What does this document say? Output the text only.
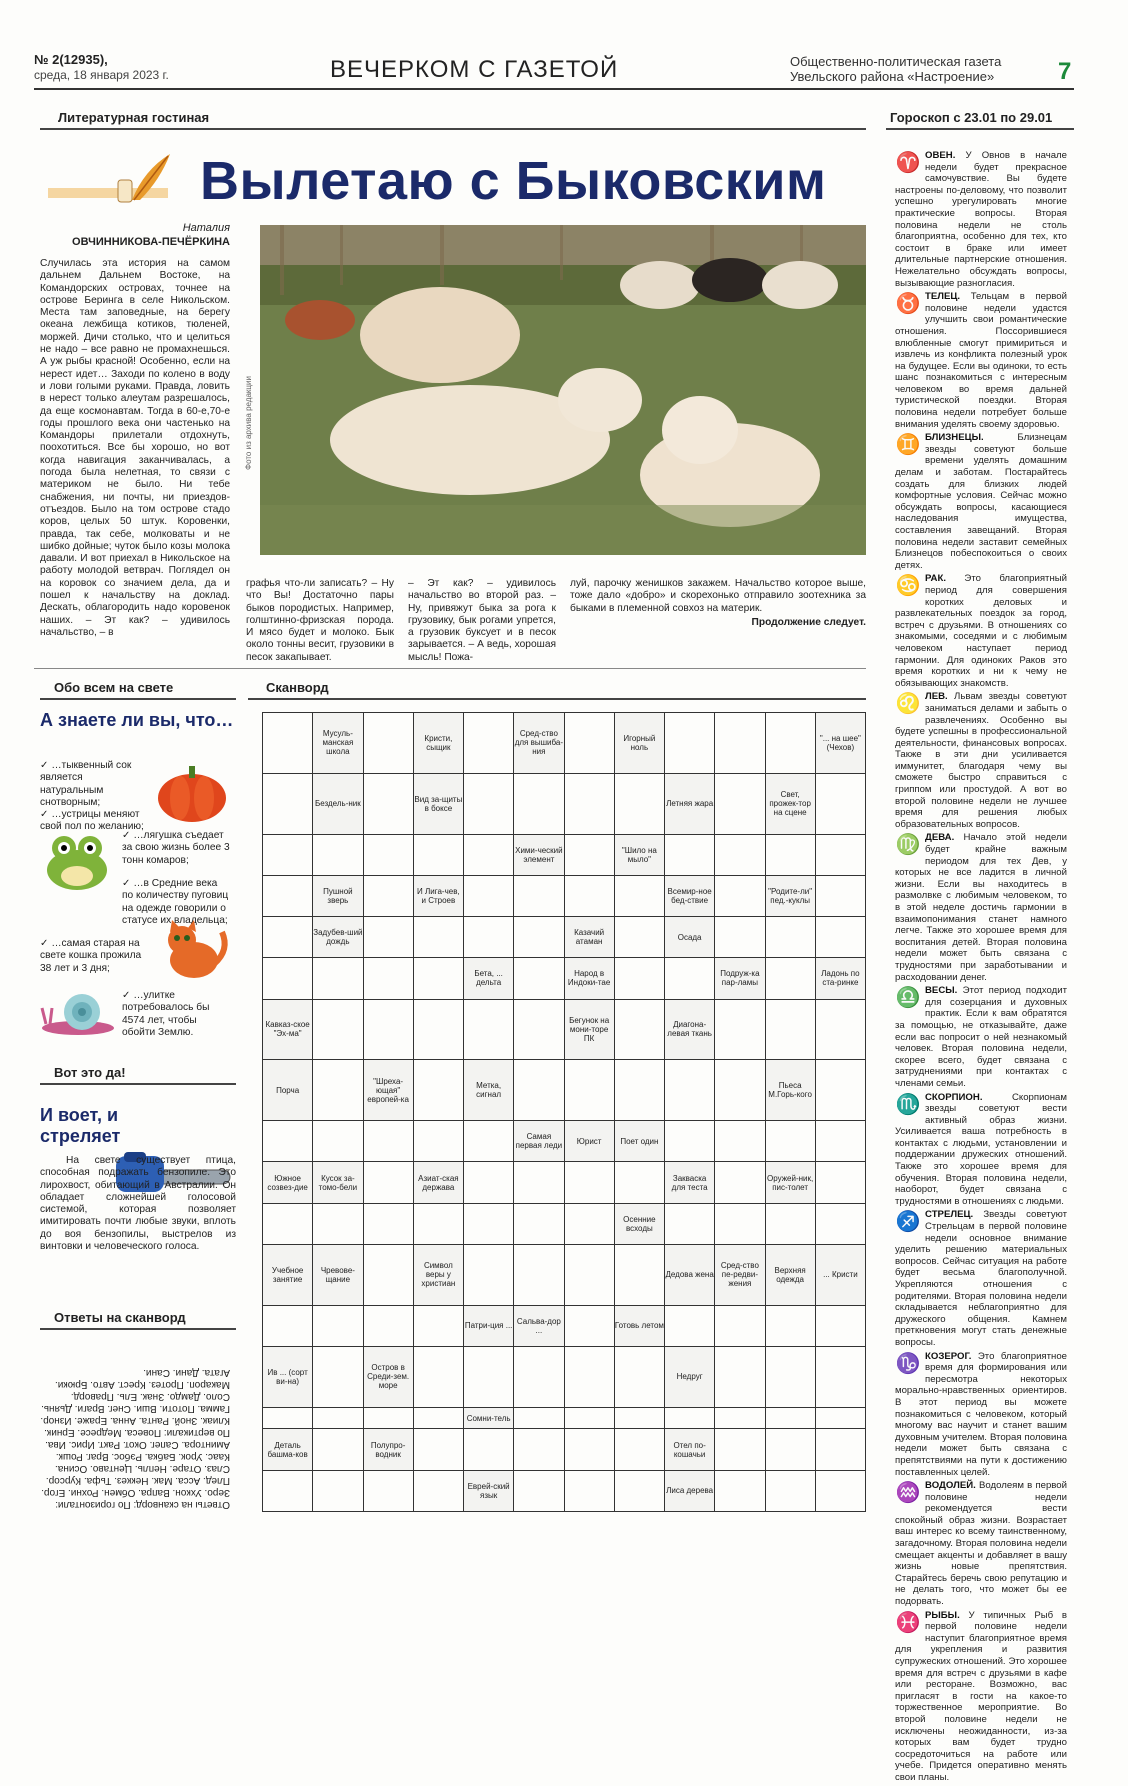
№ 2(12935),
среда, 18 января 2023 г.	ВЕЧЕРКОМ С ГАЗЕТОЙ	Общественно-политическая газета
Увельского района «Настроение»	7
Литературная гостиная
Вылетаю с Быковским
Наталия
ОВЧИННИКОВА-ПЕЧЁРКИНА
Случилась эта история на самом дальнем Дальнем Востоке, на Командорских островах, точнее на острове Беринга в селе Никольском. Места там заповедные, на берегу океана лежбища котиков, тюленей, моржей. Дичи столько, что и целиться не надо – все равно не промахнешься. А уж рыбы красной! Особенно, если на нерест идет… Заходи по колено в воду и лови голыми руками. Правда, ловить в нерест только алеутам разрешалось, да еще космонавтам. Тогда в 60-е,70-е годы прошлого века они частенько на Командоры прилетали отдохнуть, поохотиться. Все бы хорошо, но вот когда навигация заканчивалась, а погода была нелетная, то связи с материком не было. Ни тебе снабжения, ни почты, ни приездов-отъездов. Было на том острове стадо коров, целых 50 штук. Коровенки, правда, так себе, молковаты и не шибко дойные; чуток было козы молока давали. И вот приехал в Никольское на работу молодой ветврач. Поглядел он на коровок со значием дела, да и пошел к начальству на доклад. Дескать, облагородить надо коровенок наших. – Эт как? – удивилось начальство, – в
Фото из архива редакции
графья что-ли записать? – Ну что Вы! Достаточно пары быков породистых. Например, голштинно-фризская порода. И мясо будет и молоко. Бык около тонны весит, грузовики в песок закапывает.
– Эт как? – удивилось начальство во второй раз. – Ну, привяжут быка за рога к грузовику, бык рогами упрется, а грузовик буксует и в песок зарывается. – А ведь, хорошая мысль! Пожа-
луй, парочку женишков закажем. Начальство которое выше, тоже дало «добро» и скорехонько отправило зоотехника за быками в племенной совхоз на материк.
Продолжение следует.
Обо всем на свете
А знаете ли вы, что…

✓ …тыквенный сок является натуральным снотворным;

✓ …устрицы меняют свой пол по желанию;

✓ …лягушка съедает за свою жизнь более 3 тонн комаров;

✓ …в Средние века по количеству пуговиц на одежде говорили о статусе их владельца;

✓ …самая старая на свете кошка прожила 38 лет и 3 дня;

✓ …улитке потребовалось бы 4574 лет, чтобы обойти Землю.

Вот это да!
И воет, и стреляет
На свете существует птица, способная подражать бензопиле. Это лирохвост, обитающий в Австралии. Он обладает сложнейшей голосовой системой, которая позволяет имитировать почти любые звуки, вплоть до воя бензопилы, выстрелов из винтовки и человеческого голоса.
Ответы на сканворд
Ответы на сканворд: По горизонтали: Зеро. Ухкон. Вапра. Обмен. Рохни. Егор. Плед. Асса. Мак. Неккез. Тьфа. Курсор. Слаз. Отаре. Непль. Центаво. Осина. Каас. Урок. Бабка. Рэбос. Враг. Рошк. Аминтора. Сапег. Окот. Ракт. Ирис. Ива. По вертикали: Повеса. Медресе. Ерник. Клиак. Зной. Ранта. Анна. Ераже. Изнор. Гамма. Пототи. Вши. Снег. Враги. Дьянь. Соло. Дамдо. Знак. Ель. Праворд. Макароп. Протез. Крест. Авто. Брюки. Агата. Дани. Сани.
Сканворд
	Мусуль-манская школа		Кристи, сыщик		Сред-ство для вышиба-ния		Игорный ноль				"... на шее" (Чехов)
	Бездель-ник		Вид за-щиты в боксе					Летняя жара		Свет, прожек-тор на сцене	
					Хими-ческий элемент		"Шило на мыло"				
	Пушной зверь		И Лига-чев, и Строев					Всемир-ное бед-ствие		"Родите-ли" пед.-куклы	
	Задубев-ший дождь					Казачий атаман		Осада			
				Бета, ... дельта		Народ в Индоки-тае			Подруж-ка пар-ламы		Ладонь по ста-ринке
Кавказ-ское "Эх-ма"						Бегунок на мони-торе ПК		Диагона-левая ткань			
Порча		"Шреха-ющая" европей-ка		Метка, сигнал						Пьеса М.Горь-кого	
					Самая первая леди	Юрист	Поет один				
Южное созвез-дие	Кусок за-томо-бели		Азиат-ская держава					Закваска для теста		Оружей-ник, пис-толет	
							Осенние всходы				
Учебное занятие	Чревове-щание		Символ веры у христиан					Дедова жена	Сред-ство пе-редви-жения	Верхняя одежда	... Кристи
				Патри-ция ...	Сальва-дор ...		Готовь летом				
Ив ... (сорт ви-на)		Остров в Среди-зем. море						Недруг			
				Сомни-тель							
Деталь башма-ков		Полупро-водник						Отел по-кошачьи			
				Еврей-ский язык				Лиса дерева			
Гороскоп с 23.01 по 29.01
♈ ОВЕН. У Овнов в начале недели будет прекрасное самочувствие. Вы будете настроены по-деловому, что позволит успешно урегулировать многие практические вопросы. Вторая половина недели не столь благоприятна, особенно для тех, кто состоит в браке или имеет длительные партнерские отношения. Нежелательно обсуждать вопросы, вызывающие разногласия.
♉ ТЕЛЕЦ. Тельцам в первой половине недели удастся улучшить свои романтические отношения. Поссорившиеся влюбленные смогут примириться и извлечь из конфликта полезный урок на будущее. Если вы одиноки, то есть шанс познакомиться с интересным человеком во время дальней туристической поездки. Вторая половина недели потребует больше внимания уделять своему здоровью.
♊ БЛИЗНЕЦЫ.	Близнецам звезды советуют больше времени уделять домашним делам и заботам. Постарайтесь создать для близких людей комфортные условия. Сейчас можно обсуждать вопросы, касающиеся наследования имущества, составления завещаний. Вторая половина недели заставит семейных Близнецов побеспокоиться о своих детях.
♋ РАК. Это благоприятный период для совершения коротких деловых и развлекательных поездок за город, встреч с друзьями. В отношениях со знакомыми, соседями и с любимым человеком наступает период гармонии. Для одиноких Раков это время коротких и ни к чему не обязывающих знакомств.
♌ ЛЕВ. Львам звезды советуют заниматься делами и забыть о развлечениях. Особенно вы будете успешны в профессиональной деятельности, финансовых вопросах. Также в эти дни усиливается иммунитет, благодаря чему вы сможете быстро справиться с гриппом или простудой. А вот во второй половине недели не лучшее время для решения любых образовательных вопросов.
♍ ДЕВА. Начало этой недели будет крайне важным периодом для тех Дев, у которых не все ладится в личной жизни. Если вы находитесь в размолвке с любимым человеком, то в этой неделе достичь гармонии в взаимопонимания станет намного легче. Также это хорошее время для воспитания детей. Вторая половина недели может быть связана с трудностями при заработывании и расходовании денег.
♎ ВЕСЫ. Этот период подходит для созерцания и духовных практик. Если к вам обратятся за помощью, не отказывайте, даже если вас попросит о ней незнакомый человек. Вторая половина недели, скорее всего, будет связана с затруднениями при контактах с членами семьи.
♏ СКОРПИОН.	Скорпионам звезды советуют вести активный образ жизни. Усиливается ваша потребность в контактах с людьми, установлении и поддержании дружеских отношений. Также это хорошее время для обучения. Вторая половина недели, наоборот, будет связана с трудностями в отношениях с людьми.
♐ СТРЕЛЕЦ. Звезды советуют Стрельцам в первой половине недели основное внимание уделить решению материальных вопросов. Сейчас ситуация на работе будет весьма благополучной. Укрепляются отношения с родителями. Вторая половина недели складывается неблагоприятно для дружеского общения. Камнем преткновения могут стать денежные вопросы.
♑ КОЗЕРОГ. Это благоприятное время для формирования или пересмотра некоторых морально-нравственных ориентиров. В этот период вы можете познакомиться с человеком, который многому вас научит и станет вашим духовным учителем. Вторая половина недели может быть связана с препятствиями на пути к достижению поставленных целей.
♒ ВОДОЛЕЙ. Водолеям в первой половине недели рекомендуется вести спокойный образ жизни. Возрастает ваш интерес ко всему таинственному, загадочному. Вторая половина недели смещает акценты и добавляет в вашу жизнь новые препятствия. Старайтесь беречь свою репутацию и не делать того, что может бы ее подорвать.
♓ РЫБЫ. У типичных Рыб в первой половине недели наступит благоприятное время для укрепления и развития супружеских отношений. Это хорошее время для встреч с друзьями в кафе или ресторане. Возможно, вас пригласят в гости на какое-то торжественное мероприятие. Во второй половине недели не исключены неожиданности, из-за которых вам будет трудно сосредоточиться на работе или учебе. Придется оперативно менять свои планы.
